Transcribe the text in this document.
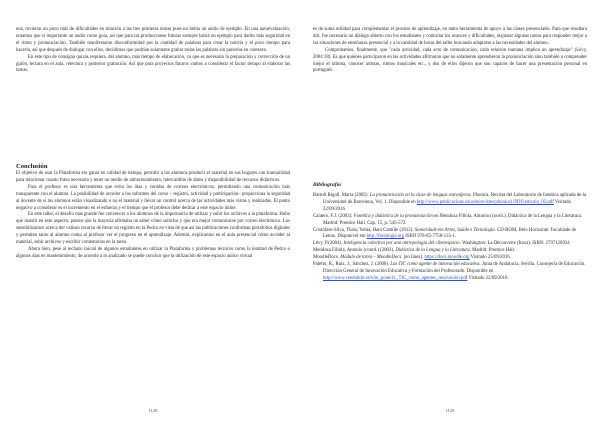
nos, tuvieron un poco más de dificultades en relación a las tres primeras tareas pues no bebía un audio de ejemplo. En una autoevaluación, notamos que si importante un audio como guía, así que para las producciones futuras siempre habrá un ejemplo para darles más seguridad en el ritmo y pronunciación. También manifestaron disconformidad por la cantidad de palabras para crear la noticia y el poco tiempo para hacerla, así que después de dialogar con ellos, decidimos que podrían solamente grabar todas las palabras sin ponerlas en contexto.

En este tipo de consigna quizás requiera, del alumno, más tiempo de elaboración, ya que es necesario la preparación y corrección de un guión, lectura en el aula, relectura y posterior grabación. Así que para proyectos futuros vamos a considerar el factor tiempo al elaborar las tareas.

Conclusión

El objetivo de usar la Plataforma era ganar en calidad de tiempo, permitir a los alumnos producir el material en sus hogares con tranquilidad para relacionar cuanto fuera necesario y tener un medio de almacenamiento, intercambio de datos y disponibilidad de recursos didácticos.

Para el profesor es una herramienta que evita los idas y venidas de correos electrónicos, permitiendo una comunicación más transparente con el alumno. La posibilidad de acceder a los informes del curso – registro, actividad y participación– proporciona la seguridad al docente de si los alumnos están visualizando o no el material y llevar un control acerca de las actividades más vistas y realizadas. El punto negativo a considerar es el incremento en el esfuerzo y el tiempo que el profesor debe dedicar a este espacio inline.

En este taller, el desafío más grande fue convencer a los alumnos de la importancia de utilizar y subir los archivos a la plataforma. Hubo que insistir en este aspecto, puesto que la mayoría afirmaba no saber cómo subirlos y que era mejor comunicarse por correo electrónico. Los sensibilizamos acerca del valioso recurso de llevar un registro en la Pedco en vista de que así las publicaciones conforman portafolios digitales y permiten tanto al alumno como al profesor ver el progreso en el aprendizaje. Además, explicamos en el aula presencial cómo acceder al material, subir archivos y escribir comentarios en la tarea.

Ahora bien, pese al rechazo inicial de algunos estudiantes en utilizar la Plataforma y problemas técnicos como la lentitud de Pedco o algunos días en mantenimiento, de acuerdo a lo analizado se puede concluir que la utilización de este espacio áulico virtual

1128

es de suma utilidad para complementar el proceso de aprendizaje, en tanto herramienta de apoyo a las clases presenciales. Para que resultara útil, fue necesario un diálogo abierto con los estudiantes y controlar los avances y dificultades, reajustar algunas tareas para responder mejor a las situaciones de enseñanza presencial y a la cantidad de horas del taller buscando adaptarse a las necesidades del alumno.

Comprobamos, finalmente, que "cada actividad, cada acto de comunicación, cada relación humana implica un aprendizaje" (Lévy, 2004:18). Es que quienes participaron en las actividades afirmaron que no solamente aprendieron la pronunciación sino también a comprender mejor el idioma, conocer artistas, ritmos musicales etc., y dos de ellos dijeron que son capaces de hacer una presentación personal en portugués.

Bibliografía

Bartoli Rigoll, Marta (2005): La pronunciación en la clase de lenguas extranjeras. Phonica, Revista del Laboratorio de fonética aplicada de la Universidad de Barcelona, Vol. 1. Disponible en http://www.publicacions.ub.edu/revistes/phonica1/PDF/articulo_02.pdf Visitado 22/09/2016.

Cantero, F.J. (2003): Fonética y didáctica de la pronunciación en Mendoza Fillola, Antonio (coord.). Didáctica de la Lengua y la Literatura. Madrid: Prentice Hall. Cap. 15, p. 545-572.

Cristófaro-Silva, Thaïs; Yehia, Hani Camille (2012). Sonoridade em Artes, Saúde e Tecnologia. CD-ROM, Belo Horizonte: Faculdade de Letras. Disponível em http://fonologia.org ISBN 978-85-7758-135-1.

Lévy, P.(2004). Inteligencia colectiva por una antropología del ciberespacio. Washington: La Découverte (Itaxa). ISBN: 2707126934

Mendoza Fillola, Antonio (coord.) (2003). Didáctica de la Lengua y la Literatura. Madrid: Prentice Hall.

MoodleDocs. Módulo de tarea – MoodleDocs. [en línea]. https://docs.moodle.org Visitado 25/09/2016.

Paletto, R., Ruiz, J., Sánchez, J. (2006). Las TIC como agente de innovación educativa. Junta de Andalucía, Sevilla. Consejería de Educación. Dirección General de Innovación Educativa y Formación del Profesorado. Disponible en http://www.ceeduktin.es/viin_pome11_TIC_como_agentes_innovacion.pdf Visitado 22/09/2016.

1129
